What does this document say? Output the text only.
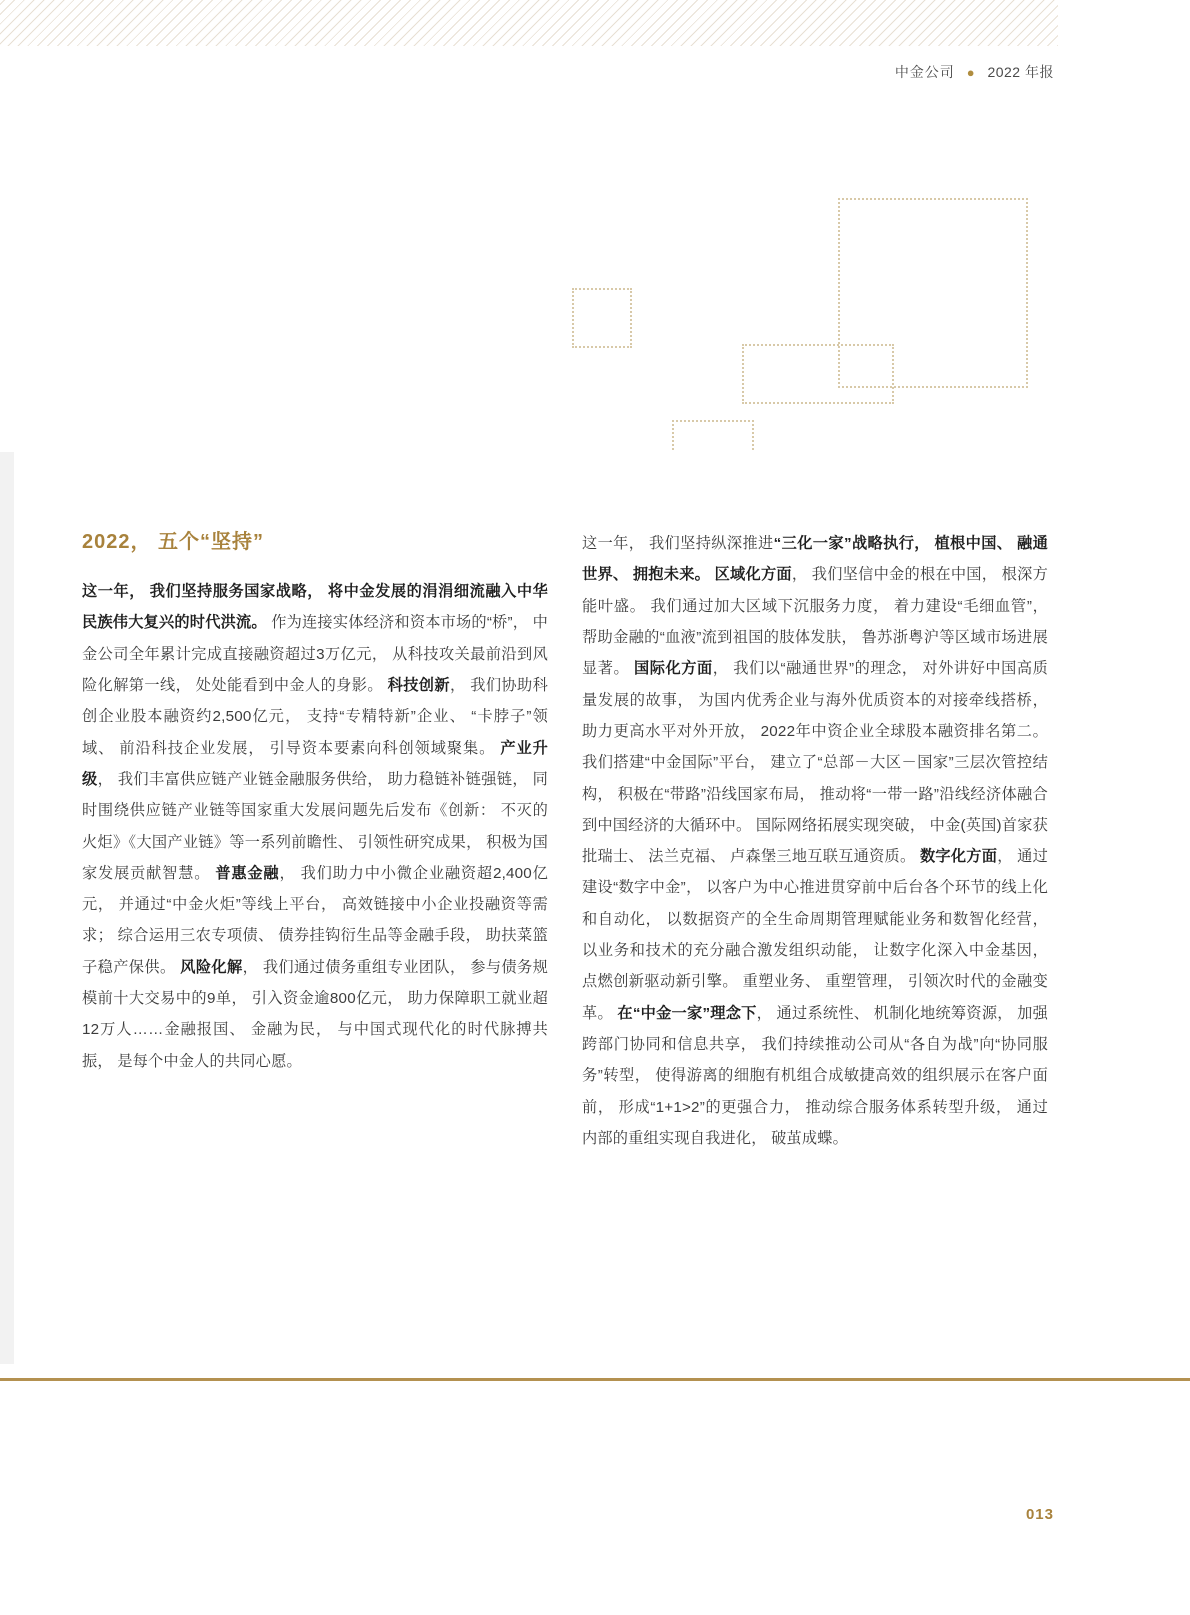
中金公司 ● 2022 年报
2022， 五个“坚持”

这一年， 我们坚持服务国家战略， 将中金发展的涓涓细流融入中华民族伟大复兴的时代洪流。 作为连接实体经济和资本市场的“桥”， 中金公司全年累计完成直接融资超过3万亿元， 从科技攻关最前沿到风险化解第一线， 处处能看到中金人的身影。 科技创新， 我们协助科创企业股本融资约2,500亿元， 支持“专精特新”企业、 “卡脖子”领域、 前沿科技企业发展， 引导资本要素向科创领域聚集。 产业升级， 我们丰富供应链产业链金融服务供给， 助力稳链补链强链， 同时围绕供应链产业链等国家重大发展问题先后发布《创新： 不灭的火炬》《大国产业链》等一系列前瞻性、 引领性研究成果， 积极为国家发展贡献智慧。 普惠金融， 我们助力中小微企业融资超2,400亿元， 并通过“中金火炬”等线上平台， 高效链接中小企业投融资等需求； 综合运用三农专项债、 债券挂钩衍生品等金融手段， 助扶菜篮子稳产保供。 风险化解， 我们通过债务重组专业团队， 参与债务规模前十大交易中的9单， 引入资金逾800亿元， 助力保障职工就业超12万人……金融报国、 金融为民， 与中国式现代化的时代脉搏共振， 是每个中金人的共同心愿。

这一年， 我们坚持纵深推进“三化一家”战略执行， 植根中国、 融通世界、 拥抱未来。 区域化方面， 我们坚信中金的根在中国， 根深方能叶盛。 我们通过加大区域下沉服务力度， 着力建设“毛细血管”， 帮助金融的“血液”流到祖国的肢体发肤， 鲁苏浙粤沪等区域市场进展显著。 国际化方面， 我们以“融通世界”的理念， 对外讲好中国高质量发展的故事， 为国内优秀企业与海外优质资本的对接牵线搭桥， 助力更高水平对外开放， 2022年中资企业全球股本融资排名第二。我们搭建“中金国际”平台， 建立了“总部－大区－国家”三层次管控结构， 积极在“带路”沿线国家布局， 推动将“一带一路”沿线经济体融合到中国经济的大循环中。 国际网络拓展实现突破， 中金(英国)首家获批瑞士、 法兰克福、 卢森堡三地互联互通资质。 数字化方面， 通过建设“数字中金”， 以客户为中心推进贯穿前中后台各个环节的线上化和自动化， 以数据资产的全生命周期管理赋能业务和数智化经营， 以业务和技术的充分融合激发组织动能， 让数字化深入中金基因， 点燃创新驱动新引擎。 重塑业务、 重塑管理， 引领次时代的金融变革。 在“中金一家”理念下， 通过系统性、 机制化地统筹资源， 加强跨部门协同和信息共享， 我们持续推动公司从“各自为战”向“协同服务”转型， 使得游离的细胞有机组合成敏捷高效的组织展示在客户面前， 形成“1+1>2”的更强合力， 推动综合服务体系转型升级， 通过内部的重组实现自我进化， 破茧成蝶。

013
